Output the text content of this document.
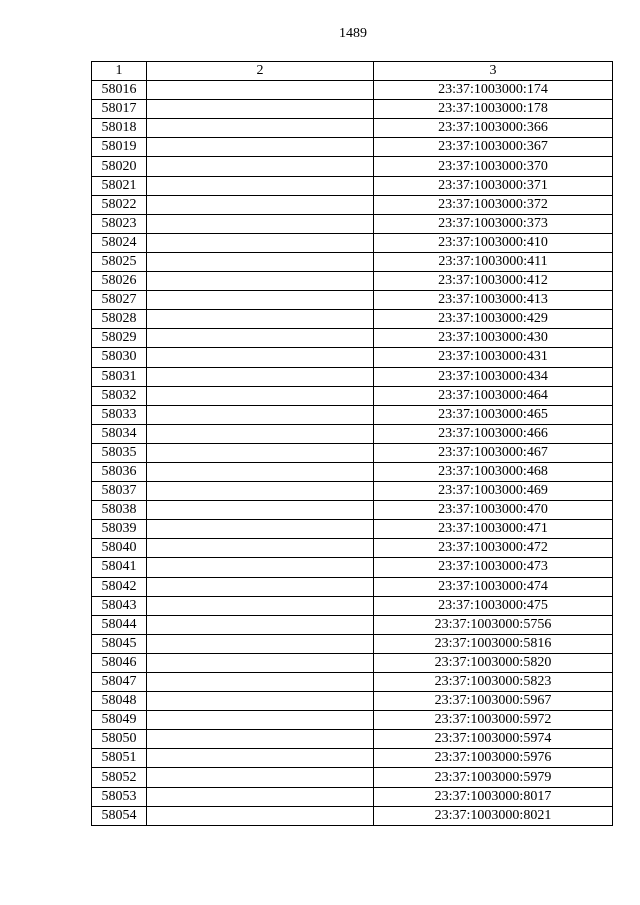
1489
1	2	3
58016		23:37:1003000:174
58017		23:37:1003000:178
58018		23:37:1003000:366
58019		23:37:1003000:367
58020		23:37:1003000:370
58021		23:37:1003000:371
58022		23:37:1003000:372
58023		23:37:1003000:373
58024		23:37:1003000:410
58025		23:37:1003000:411
58026		23:37:1003000:412
58027		23:37:1003000:413
58028		23:37:1003000:429
58029		23:37:1003000:430
58030		23:37:1003000:431
58031		23:37:1003000:434
58032		23:37:1003000:464
58033		23:37:1003000:465
58034		23:37:1003000:466
58035		23:37:1003000:467
58036		23:37:1003000:468
58037		23:37:1003000:469
58038		23:37:1003000:470
58039		23:37:1003000:471
58040		23:37:1003000:472
58041		23:37:1003000:473
58042		23:37:1003000:474
58043		23:37:1003000:475
58044		23:37:1003000:5756
58045		23:37:1003000:5816
58046		23:37:1003000:5820
58047		23:37:1003000:5823
58048		23:37:1003000:5967
58049		23:37:1003000:5972
58050		23:37:1003000:5974
58051		23:37:1003000:5976
58052		23:37:1003000:5979
58053		23:37:1003000:8017
58054		23:37:1003000:8021
